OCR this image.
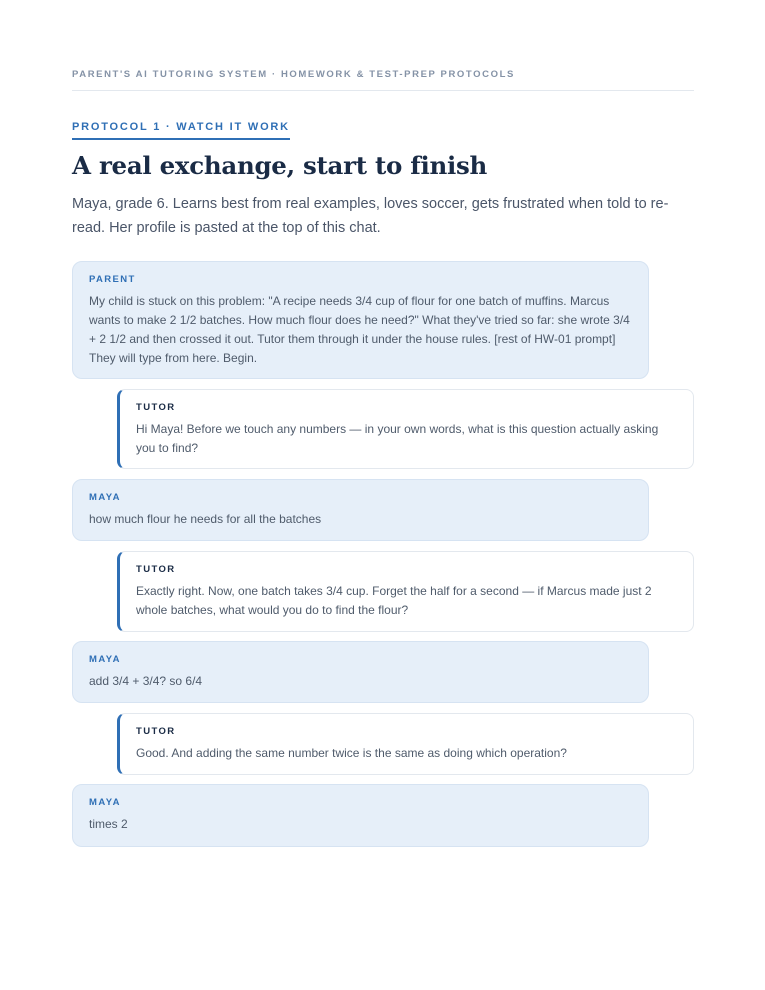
PARENT'S AI TUTORING SYSTEM · HOMEWORK & TEST-PREP PROTOCOLS
PROTOCOL 1 · WATCH IT WORK
A real exchange, start to finish

Maya, grade 6. Learns best from real examples, loves soccer, gets frustrated when told to re-read. Her profile is pasted at the top of this chat.

PARENT

My child is stuck on this problem: "A recipe needs 3/4 cup of flour for one batch of muffins. Marcus wants to make 2 1/2 batches. How much flour does he need?" What they've tried so far: she wrote 3/4 + 2 1/2 and then crossed it out. Tutor them through it under the house rules. [rest of HW-01 prompt] They will type from here. Begin.

TUTOR

Hi Maya! Before we touch any numbers — in your own words, what is this question actually asking you to find?

MAYA

how much flour he needs for all the batches

TUTOR

Exactly right. Now, one batch takes 3/4 cup. Forget the half for a second — if Marcus made just 2 whole batches, what would you do to find the flour?

MAYA

add 3/4 + 3/4? so 6/4

TUTOR

Good. And adding the same number twice is the same as doing which operation?

MAYA

times 2
